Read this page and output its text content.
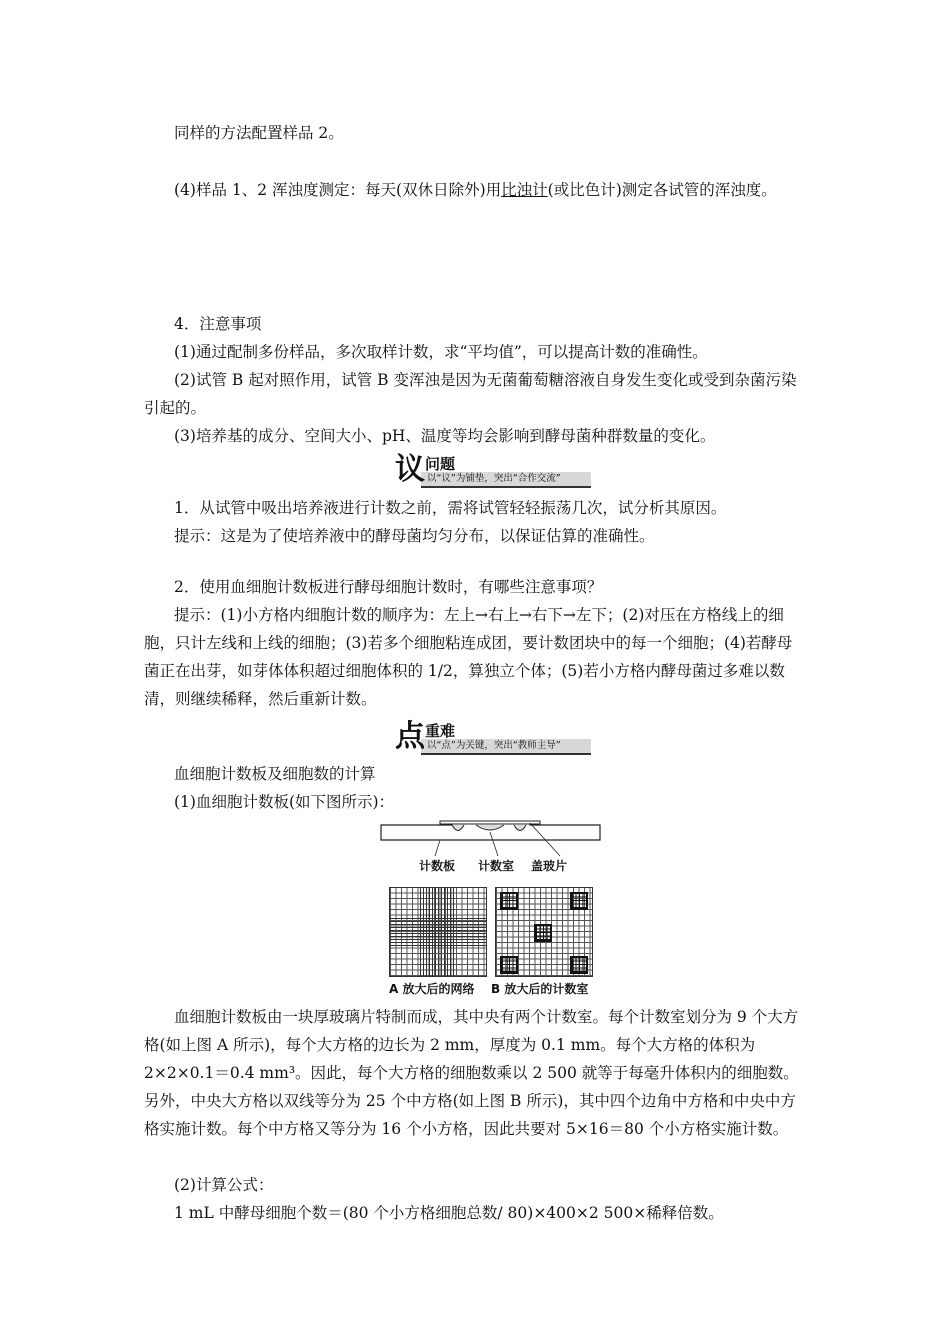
同样的方法配置样品 2。

(4)样品 1、2 浑浊度测定：每天(双休日除外)用比浊计(或比色计)测定各试管的浑浊度。

4．注意事项

(1)通过配制多份样品，多次取样计数，求“平均值”，可以提高计数的准确性。

(2)试管 B 起对照作用，试管 B 变浑浊是因为无菌葡萄糖溶液自身发生变化或受到杂菌污染引起的。

(3)培养基的成分、空间大小、pH、温度等均会影响到酵母菌种群数量的变化。

议 问题
以“议”为铺垫，突出“合作交流”

1．从试管中吸出培养液进行计数之前，需将试管轻轻振荡几次，试分析其原因。

提示：这是为了使培养液中的酵母菌均匀分布，以保证估算的准确性。

2．使用血细胞计数板进行酵母细胞计数时，有哪些注意事项？

提示：(1)小方格内细胞计数的顺序为：左上→右上→右下→左下；(2)对压在方格线上的细胞，只计左线和上线的细胞；(3)若多个细胞粘连成团，要计数团块中的每一个细胞；(4)若酵母菌正在出芽，如芽体体积超过细胞体积的 1/2，算独立个体；(5)若小方格内酵母菌过多难以数清，则继续稀释，然后重新计数。

点 重难
以“点”为关键，突出“教师主导”

血细胞计数板及细胞数的计算

(1)血细胞计数板(如下图所示)：

计数板 计数室 盖玻片
A 放大后的网络 B 放大后的计数室

血细胞计数板由一块厚玻璃片特制而成，其中央有两个计数室。每个计数室划分为 9 个大方格(如上图 A 所示)，每个大方格的边长为 2 mm，厚度为 0.1 mm。每个大方格的体积为 2×2×0.1＝0.4 mm³。因此，每个大方格的细胞数乘以 2 500 就等于每毫升体积内的细胞数。另外，中央大方格以双线等分为 25 个中方格(如上图 B 所示)，其中四个边角中方格和中央中方格实施计数。每个中方格又等分为 16 个小方格，因此共要对 5×16＝80 个小方格实施计数。

(2)计算公式：

1 mL 中酵母细胞个数＝(80 个小方格细胞总数/ 80)×400×2 500×稀释倍数。
